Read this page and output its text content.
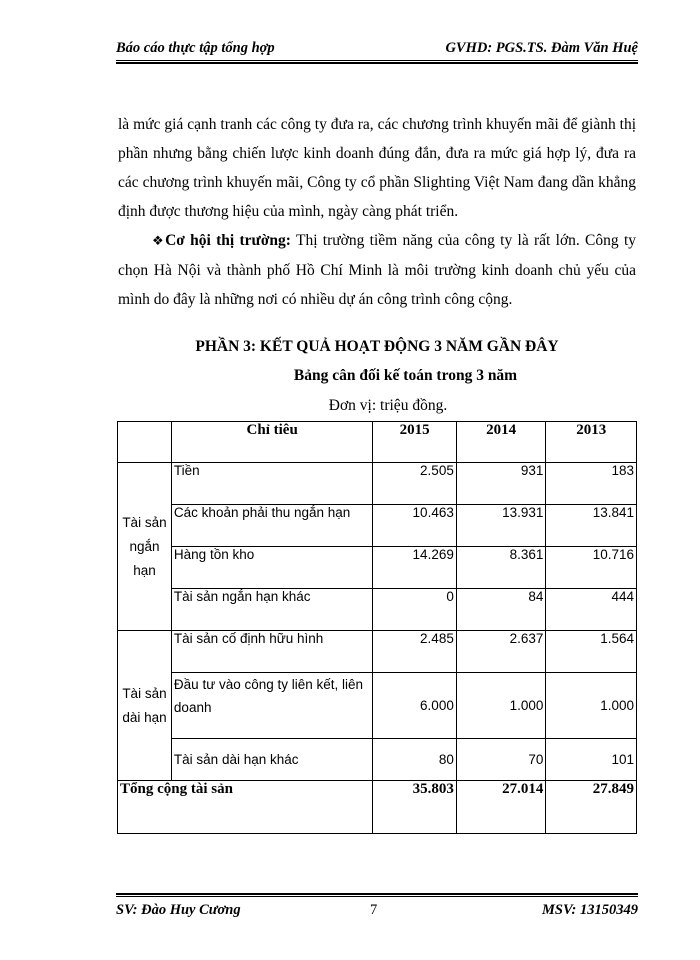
Báo cáo thực tập tổng hợp	GVHD: PGS.TS. Đàm Văn Huệ

là mức giá cạnh tranh các công ty đưa ra, các chương trình khuyến mãi để giành thị phần nhưng bằng chiến lược kinh doanh đúng đắn, đưa ra mức giá hợp lý, đưa ra các chương trình khuyến mãi, Công ty cổ phần Slighting Việt Nam đang dần khẳng định được thương hiệu của mình, ngày càng phát triển.

❖Cơ hội thị trường: Thị trường tiềm năng của công ty là rất lớn. Công ty chọn Hà Nội và thành phố Hồ Chí Minh là môi trường kinh doanh chủ yếu của mình do đây là những nơi có nhiều dự án công trình công cộng.

PHẦN 3: KẾT QUẢ HOẠT ĐỘNG 3 NĂM GẦN ĐÂY
Bảng cân đối kế toán trong 3 năm
Đơn vị: triệu đồng.
	Chỉ tiêu	2015	2014	2013
Tài sản ngắn hạn	Tiền	2.505	931	183
	Các khoản phải thu ngắn hạn	10.463	13.931	13.841
	Hàng tồn kho	14.269	8.361	10.716
	Tài sản ngắn hạn khác	0	84	444
Tài sản dài hạn	Tài sản cố định hữu hình	2.485	2.637	1.564
	Đầu tư vào công ty liên kết, liên doanh	6.000	1.000	1.000
	Tài sản dài hạn khác	80	70	101
Tổng cộng tài sản		35.803	27.014	27.849
SV: Đào Huy Cương	7	MSV: 13150349
